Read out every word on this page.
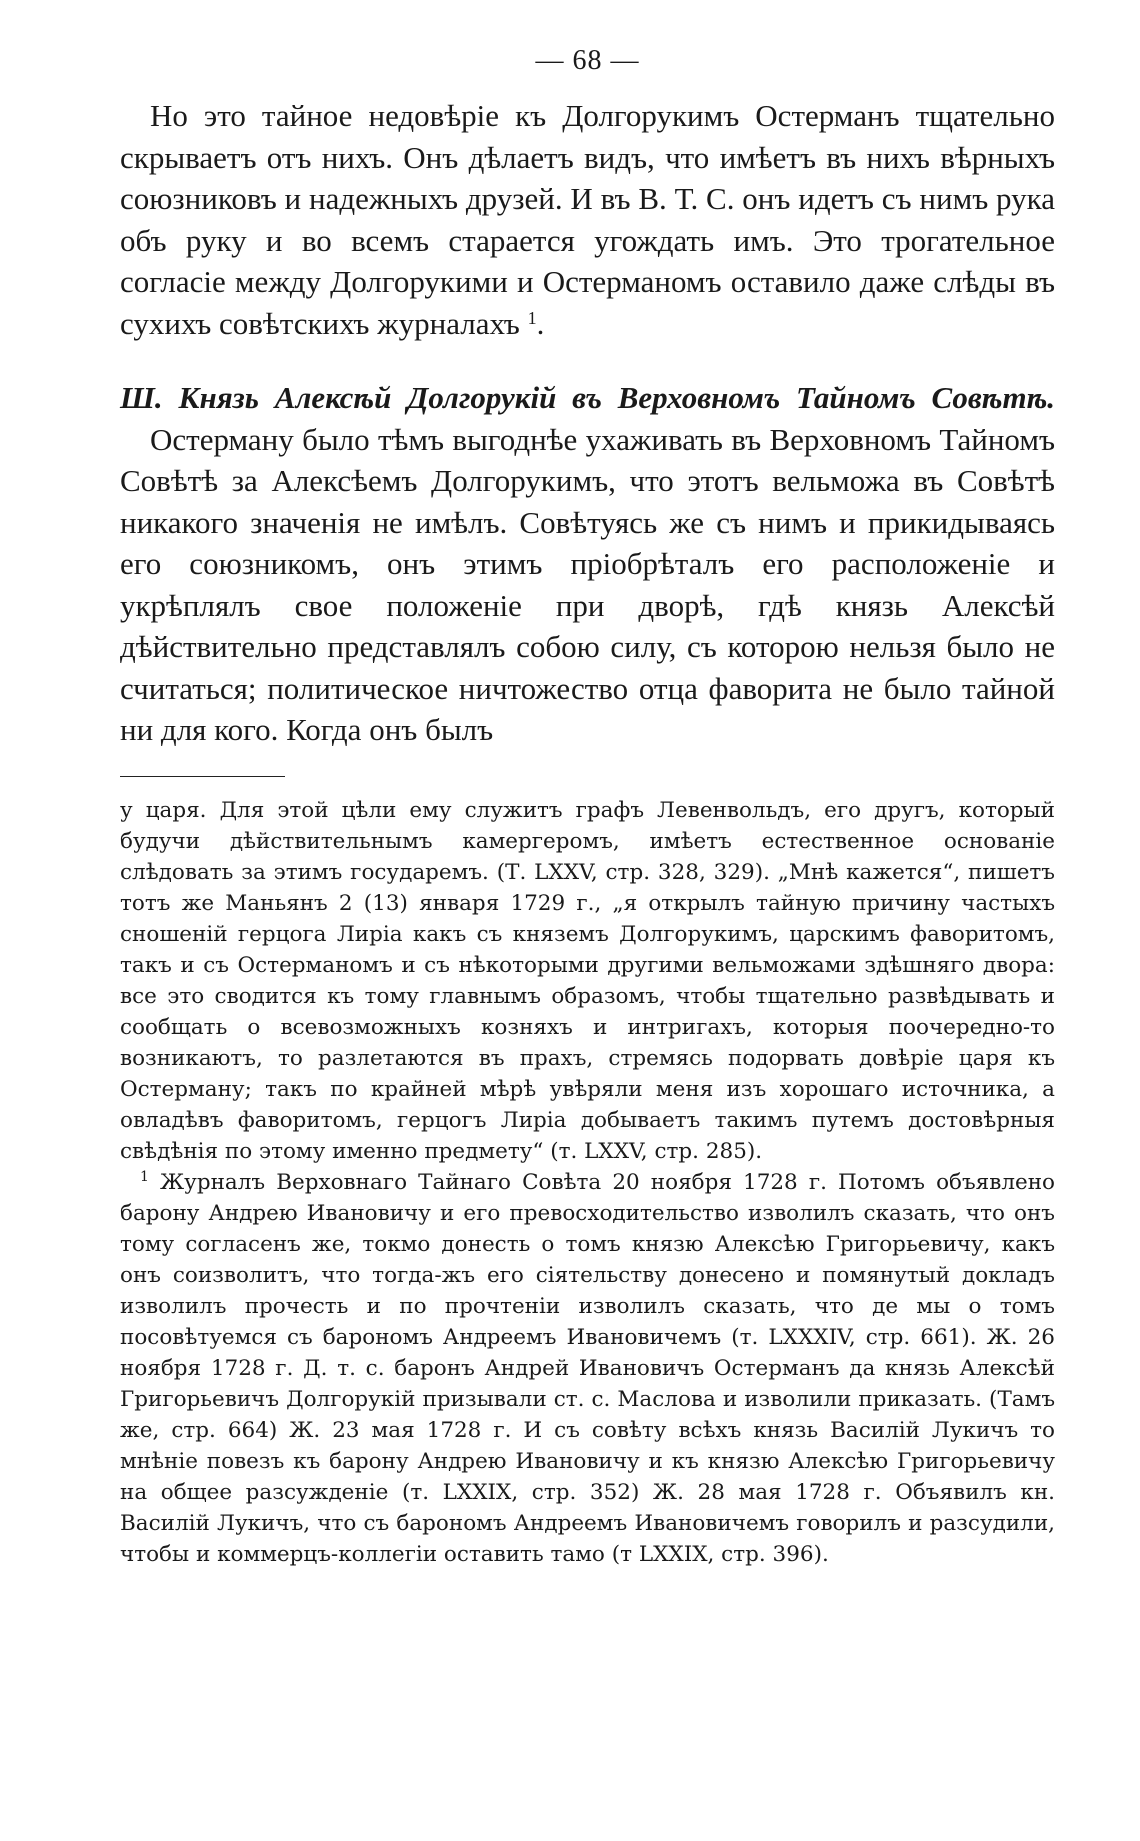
— 68 —

Но это тайное недовѣріе къ Долгорукимъ Остерманъ тщательно скрываетъ отъ нихъ. Онъ дѣлаетъ видъ, что имѣетъ въ нихъ вѣрныхъ союзниковъ и надежныхъ друзей. И въ В. Т. С. онъ идетъ съ нимъ рука объ руку и во всемъ старается угождать имъ. Это трогательное согласіе между Долгорукими и Остерманомъ оставило даже слѣды въ сухихъ совѣтскихъ журналахъ $^1$.

Ш. Князь Алексѣй Долгорукій въ Верховномъ Тайномъ Совѣтѣ.

Остерману было тѣмъ выгоднѣе ухаживать въ Верховномъ Тайномъ Совѣтѣ за Алексѣемъ Долгорукимъ, что этотъ вельможа въ Совѣтѣ никакого значенія не имѣлъ. Совѣтуясь же съ нимъ и прикидываясь его союзникомъ, онъ этимъ пріобрѣталъ его расположеніе и укрѣплялъ свое положеніе при дворѣ, гдѣ князь Алексѣй дѣйствительно представлялъ собою силу, съ которою нельзя было не считаться; политическое ничтожество отца фаворита не было тайной ни для кого. Когда онъ былъ

у царя. Для этой цѣли ему служитъ графъ Левенвольдъ, его другъ, который будучи дѣйствительнымъ камергеромъ, имѣетъ естественное основаніе слѣдовать за этимъ государемъ. (Т. LXXV, стр. 328, 329). „Мнѣ кажется“, пишетъ тотъ же Маньянъ 2 (13) января 1729 г., „я открылъ тайную причину частыхъ сношеній герцога Лиріа какъ съ княземъ Долгорукимъ, царскимъ фаворитомъ, такъ и съ Остерманомъ и съ нѣкоторыми другими вельможами здѣшняго двора: все это сводится къ тому главнымъ образомъ, чтобы тщательно развѣдывать и сообщать о всевозможныхъ козняхъ и интригахъ, которыя поочередно-то возникаютъ, то разлетаются въ прахъ, стремясь подорвать довѣріе царя къ Остерману; такъ по крайней мѣрѣ увѣряли меня изъ хорошаго источника, а овладѣвъ фаворитомъ, герцогъ Лиріа добываетъ такимъ путемъ достовѣрныя свѣдѣнія по этому именно предмету“ (т. LXXV, стр. 285).

$^1$ Журналъ Верховнаго Тайнаго Совѣта 20 ноября 1728 г. Потомъ объявлено барону Андрею Ивановичу и его превосходительство изволилъ сказать, что онъ тому согласенъ же, токмо донесть о томъ князю Алексѣю Григорьевичу, какъ онъ соизволитъ, что тогда-жъ его сіятельству донесено и помянутый докладъ изволилъ прочесть и по прочтеніи изволилъ сказать, что де мы о томъ посовѣтуемся съ барономъ Андреемъ Ивановичемъ (т. LXXXIV, стр. 661). Ж. 26 ноября 1728 г. Д. т. с. баронъ Андрей Ивановичъ Остерманъ да князь Алексѣй Григорьевичъ Долгорукій призывали ст. с. Маслова и изволили приказать. (Тамъ же, стр. 664) Ж. 23 мая 1728 г. И съ совѣту всѣхъ князь Василій Лукичъ то мнѣніе повезъ къ барону Андрею Ивановичу и къ князю Алексѣю Григорьевичу на общее разсужденіе (т. LXXIX, стр. 352) Ж. 28 мая 1728 г. Объявилъ кн. Василій Лукичъ, что съ барономъ Андреемъ Ивановичемъ говорилъ и разсудили, чтобы и коммерцъ-коллегіи оставить тамо (т LXXIX, стр. 396).
